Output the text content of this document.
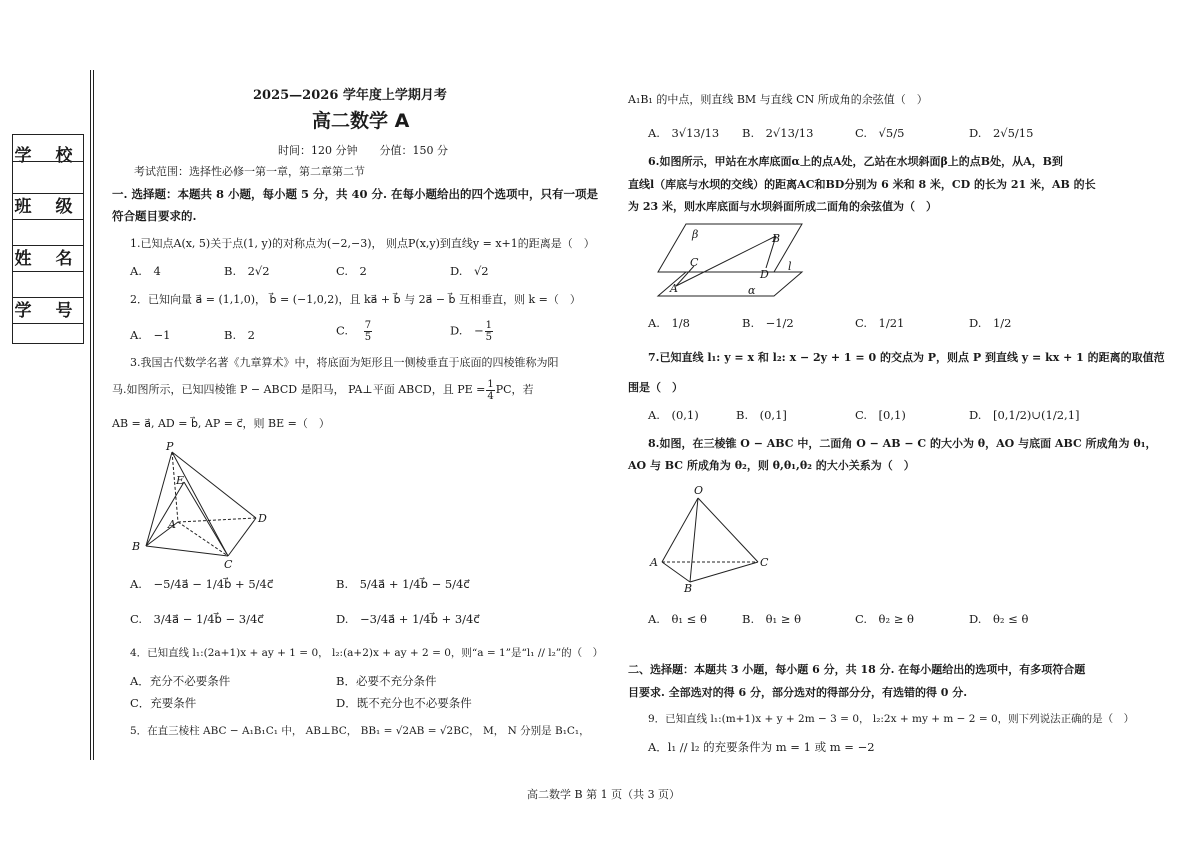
学 校
班 级
姓 名
学 号
2025—2026 学年度上学期月考
高二数学 A
时间：120 分钟　　分值：150 分
考试范围：选择性必修一第一章，第二章第二节
一. 选择题：本题共 8 小题，每小题 5 分，共 40 分. 在每小题给出的四个选项中，只有一项是
符合题目要求的.
1.已知点A(x, 5)关于点(1, y)的对称点为(−2,−3)， 则点P(x,y)到直线y = x+1的距离是（　）
A.　4	B.　2√2	C.　2	D.　√2
2．已知向量 a⃗ = (1,1,0)， b⃗ = (−1,0,2)，且 ka⃗ + b⃗ 与 2a⃗ − b⃗ 互相垂直，则 k =（　）
A.　−1	B.　2	C. $\frac{7}{5}$	D.　− $\frac{1}{5}$
3.我国古代数学名著《九章算术》中，将底面为矩形且一侧棱垂直于底面的四棱锥称为阳
马.如图所示，已知四棱锥 P − ABCD 是阳马， PA⊥平面 ABCD，且 PE = $\frac{1}{4}$ PC，若
AB = a⃗, AD = b⃗, AP = c⃗，则 BE =（　）
P
E
A
B
C
D
A.　−5/4a⃗ − 1/4b⃗ + 5/4c⃗	B.　5/4a⃗ + 1/4b⃗ − 5/4c⃗
C.　3/4a⃗ − 1/4b⃗ − 3/4c⃗	D.　−3/4a⃗ + 1/4b⃗ + 3/4c⃗
4．已知直线 l₁:(2a+1)x + ay + 1 = 0， l₂:(a+2)x + ay + 2 = 0，则“a = 1”是“l₁ // l₂”的（　）
A．充分不必要条件	B．必要不充分条件
C．充要条件	D．既不充分也不必要条件
5．在直三棱柱 ABC − A₁B₁C₁ 中， AB⊥BC， BB₁ = √2AB = √2BC， M， N 分别是 B₁C₁，
A₁B₁ 的中点，则直线 BM 与直线 CN 所成角的余弦值（　）
A.　3√13/13 B.　2√13/13	C.　√5/5	D.　2√5/15
6.如图所示，甲站在水库底面α上的点A处，乙站在水坝斜面β上的点B处，从A，B到
直线l（库底与水坝的交线）的距离AC和BD分别为 6 米和 8 米，CD 的长为 21 米，AB 的长
为 23 米，则水库底面与水坝斜面所成二面角的余弦值为（　）
β	B
C
D
l
A	α
A.　1/8	B.　−1/2	C.　1/21	D.　1/2
7.已知直线 l₁: y = x 和 l₂: x − 2y + 1 = 0 的交点为 P，则点 P 到直线 y = kx + 1 的距离的取值范
围是（　）
A.　(0,1)	B.　(0,1]	C.　[0,1)	D.　[0,1/2)∪(1/2,1]
8.如图，在三棱锥 O − ABC 中，二面角 O − AB − C 的大小为 θ，AO 与底面 ABC 所成角为 θ₁，
AO 与 BC 所成角为 θ₂，则 θ,θ₁,θ₂ 的大小关系为（　）
O
A
B
C
A.　θ₁ ≤ θ	B.　θ₁ ≥ θ	C.　θ₂ ≥ θ	D.　θ₂ ≤ θ
二、选择题：本题共 3 小题，每小题 6 分，共 18 分. 在每小题给出的选项中，有多项符合题
目要求. 全部选对的得 6 分，部分选对的得部分分，有选错的得 0 分.
9．已知直线 l₁:(m+1)x + y + 2m − 3 = 0， l₂:2x + my + m − 2 = 0，则下列说法正确的是（　）
A．l₁ // l₂ 的充要条件为 m = 1 或 m = −2
高二数学 B 第 1 页（共 3 页）
